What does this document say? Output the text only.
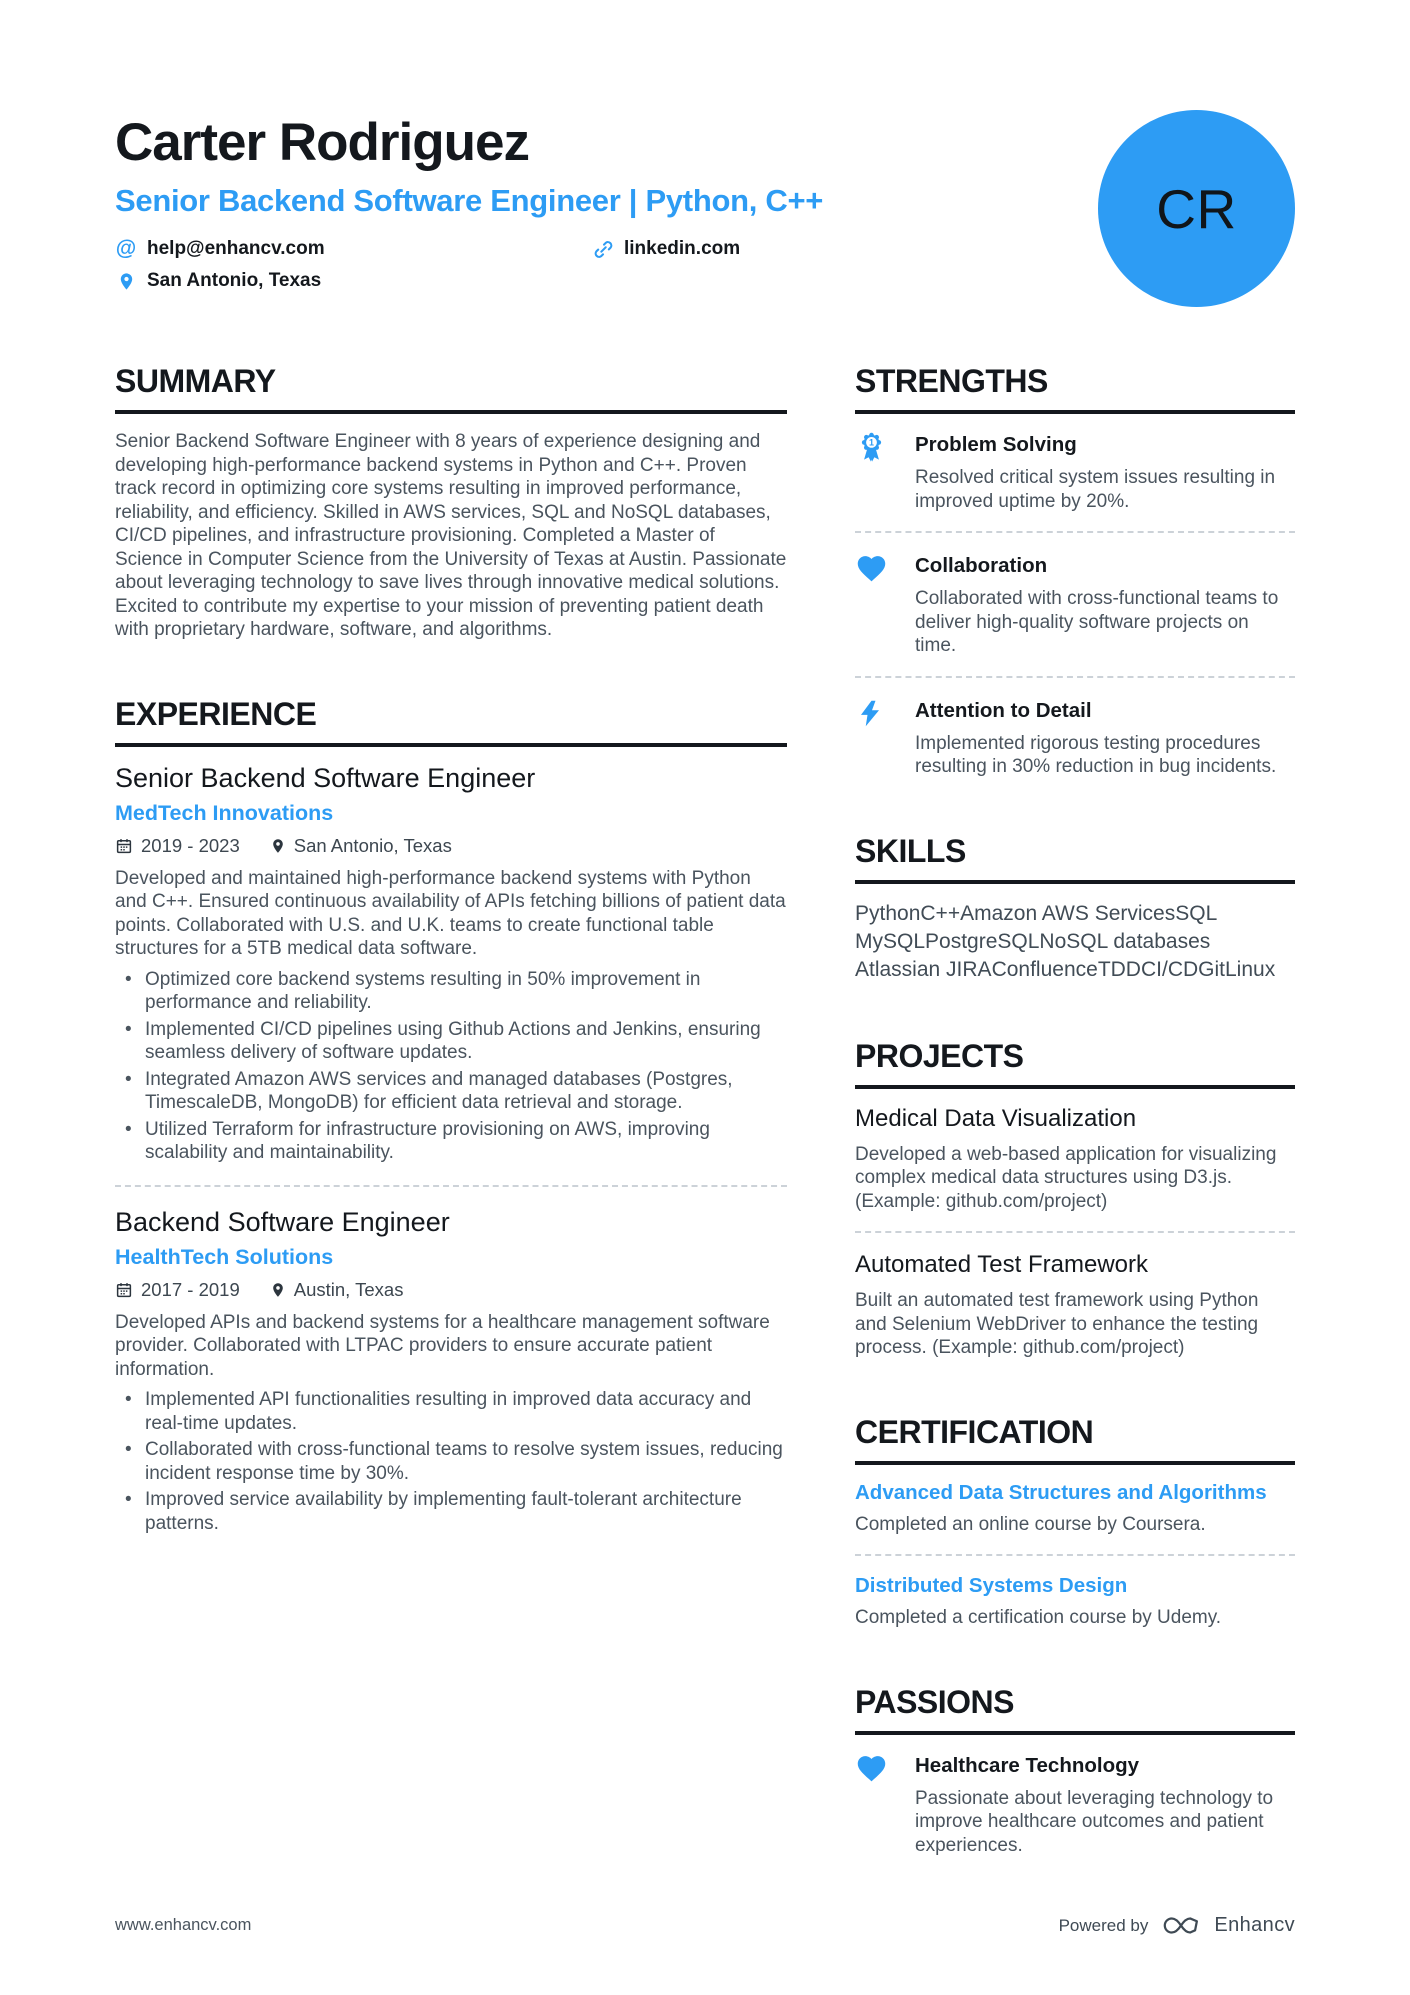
Carter Rodriguez
Senior Backend Software Engineer | Python, C++
@ help@enhancv.com	linkedin.com
San Antonio, Texas
CR
SUMMARY

Senior Backend Software Engineer with 8 years of experience designing and developing high-performance backend systems in Python and C++. Proven track record in optimizing core systems resulting in improved performance, reliability, and efficiency. Skilled in AWS services, SQL and NoSQL databases, CI/CD pipelines, and infrastructure provisioning. Completed a Master of Science in Computer Science from the University of Texas at Austin. Passionate about leveraging technology to save lives through innovative medical solutions. Excited to contribute my expertise to your mission of preventing patient death with proprietary hardware, software, and algorithms.

EXPERIENCE
Senior Backend Software Engineer
MedTech Innovations
2019 - 2023	San Antonio, Texas

Developed and maintained high-performance backend systems with Python and C++. Ensured continuous availability of APIs fetching billions of patient data points. Collaborated with U.S. and U.K. teams to create functional table structures for a 5TB medical data software.

• Optimized core backend systems resulting in 50% improvement in performance and reliability.
• Implemented CI/CD pipelines using Github Actions and Jenkins, ensuring seamless delivery of software updates.
• Integrated Amazon AWS services and managed databases (Postgres, TimescaleDB, MongoDB) for efficient data retrieval and storage.
• Utilized Terraform for infrastructure provisioning on AWS, improving scalability and maintainability.
Backend Software Engineer
HealthTech Solutions
2017 - 2019	Austin, Texas

Developed APIs and backend systems for a healthcare management software provider. Collaborated with LTPAC providers to ensure accurate patient information.

• Implemented API functionalities resulting in improved data accuracy and real-time updates.
• Collaborated with cross-functional teams to resolve system issues, reducing incident response time by 30%.
• Improved service availability by implementing fault-tolerant architecture patterns.
STRENGTHS
1 Problem Solving
Resolved critical system issues resulting in improved uptime by 20%.
Collaboration
Collaborated with cross-functional teams to deliver high-quality software projects on time.
Attention to Detail
Implemented rigorous testing procedures resulting in 30% reduction in bug incidents.
SKILLS
PythonC++Amazon AWS ServicesSQL
MySQLPostgreSQLNoSQL databases
Atlassian JIRAConfluenceTDDCI/CDGitLinux
PROJECTS
Medical Data Visualization

Developed a web-based application for visualizing complex medical data structures using D3.js. (Example: github.com/project)

Automated Test Framework

Built an automated test framework using Python and Selenium WebDriver to enhance the testing process. (Example: github.com/project)

CERTIFICATION
Advanced Data Structures and Algorithms

Completed an online course by Coursera.

Distributed Systems Design

Completed a certification course by Udemy.

PASSIONS
Healthcare Technology
Passionate about leveraging technology to improve healthcare outcomes and patient experiences.
www.enhancv.com	Powered by	Enhancv
